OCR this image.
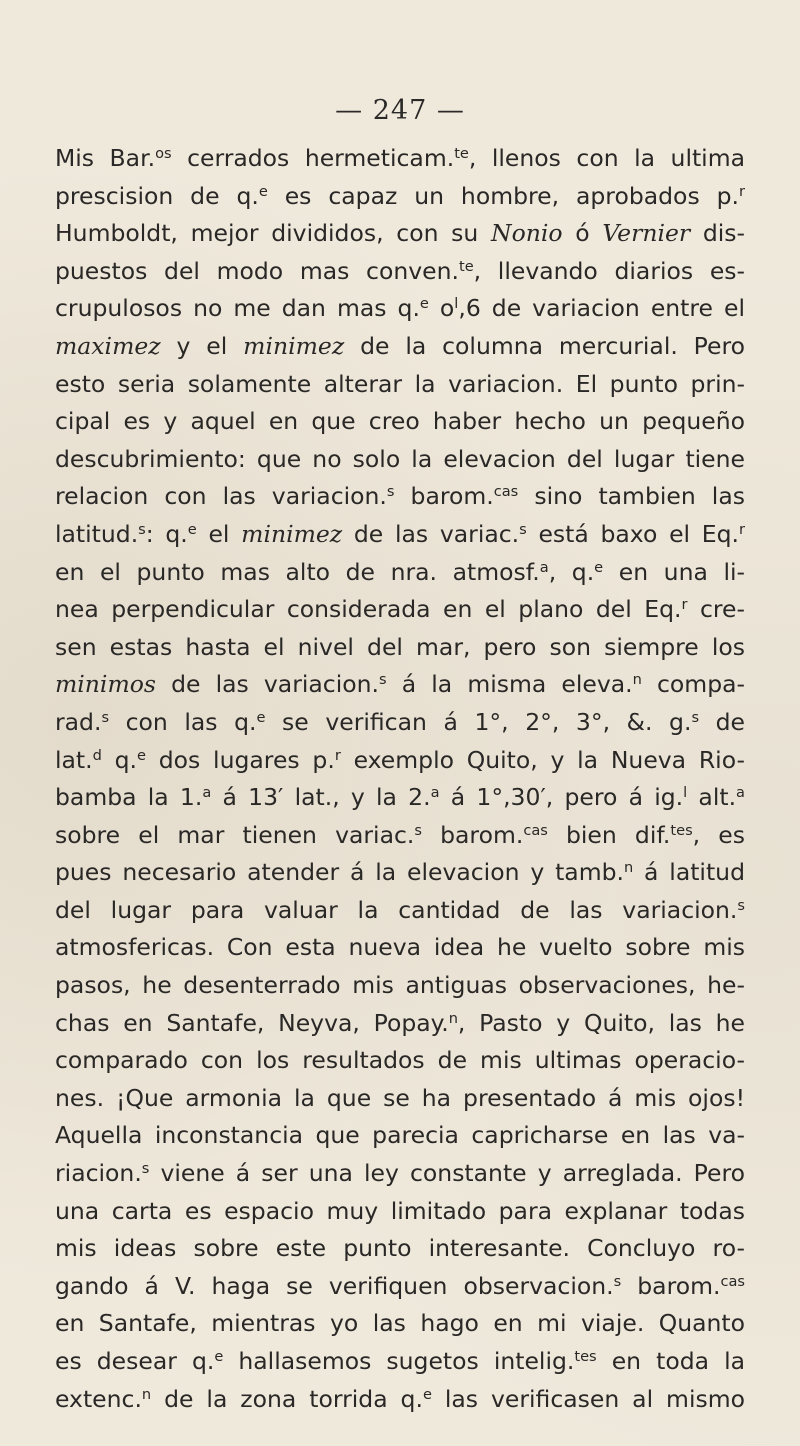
— 247 —
Mis Bar.$^{os}$ cerrados hermeticam.$^{te}$, llenos con la ultima
prescision de q.$^e$ es capaz un hombre, aprobados p.$^r$
Humboldt, mejor divididos, con su Nonio ó Vernier dis-
puestos del modo mas conven.$^{te}$, llevando diarios es-
crupulosos no me dan mas q.$^e$ $o^l,6$ de variacion entre el
maximez y el minimez de la columna mercurial. Pero
esto seria solamente alterar la variacion. El punto prin-
cipal es y aquel en que creo haber hecho un pequeño
descubrimiento: que no solo la elevacion del lugar tiene
relacion con las variacion.$^s$ barom.$^{cas}$ sino tambien las
latitud.$^s$: q.$^e$ el minimez de las variac.$^s$ está baxo el Eq.$^r$
en el punto mas alto de nra. atmosf.$^a$, q.$^e$ en una li-
nea perpendicular considerada en el plano del Eq.$^r$ cre-
sen estas hasta el nivel del mar, pero son siempre los
minimos de las variacion.$^s$ á la misma eleva.$^n$ compa-
rad.$^s$ con las q.$^e$ se verifican á 1°, 2°, 3°, &. g.$^s$ de
lat.$^d$ q.$^e$ dos lugares p.$^r$ exemplo Quito, y la Nueva Rio-
bamba la 1.$^a$ á 13′ lat., y la 2.$^a$ á 1°,30′, pero á ig.$^l$ alt.$^a$
sobre el mar tienen variac.$^s$ barom.$^{cas}$ bien dif.$^{tes}$, es
pues necesario atender á la elevacion y tamb.$^n$ á latitud
del lugar para valuar la cantidad de las variacion.$^s$
atmosfericas. Con esta nueva idea he vuelto sobre mis
pasos, he desenterrado mis antiguas observaciones, he-
chas en Santafe, Neyva, Popay.$^n$, Pasto y Quito, las he
comparado con los resultados de mis ultimas operacio-
nes. ¡Que armonia la que se ha presentado á mis ojos!
Aquella inconstancia que parecia capricharse en las va-
riacion.$^s$ viene á ser una ley constante y arreglada. Pero
una carta es espacio muy limitado para explanar todas
mis ideas sobre este punto interesante. Concluyo ro-
gando á V. haga se verifiquen observacion.$^s$ barom.$^{cas}$
en Santafe, mientras yo las hago en mi viaje. Quanto
es desear q.$^e$ hallasemos sugetos intelig.$^{tes}$ en toda la
extenc.$^n$ de la zona torrida q.$^e$ las verificasen al mismo
